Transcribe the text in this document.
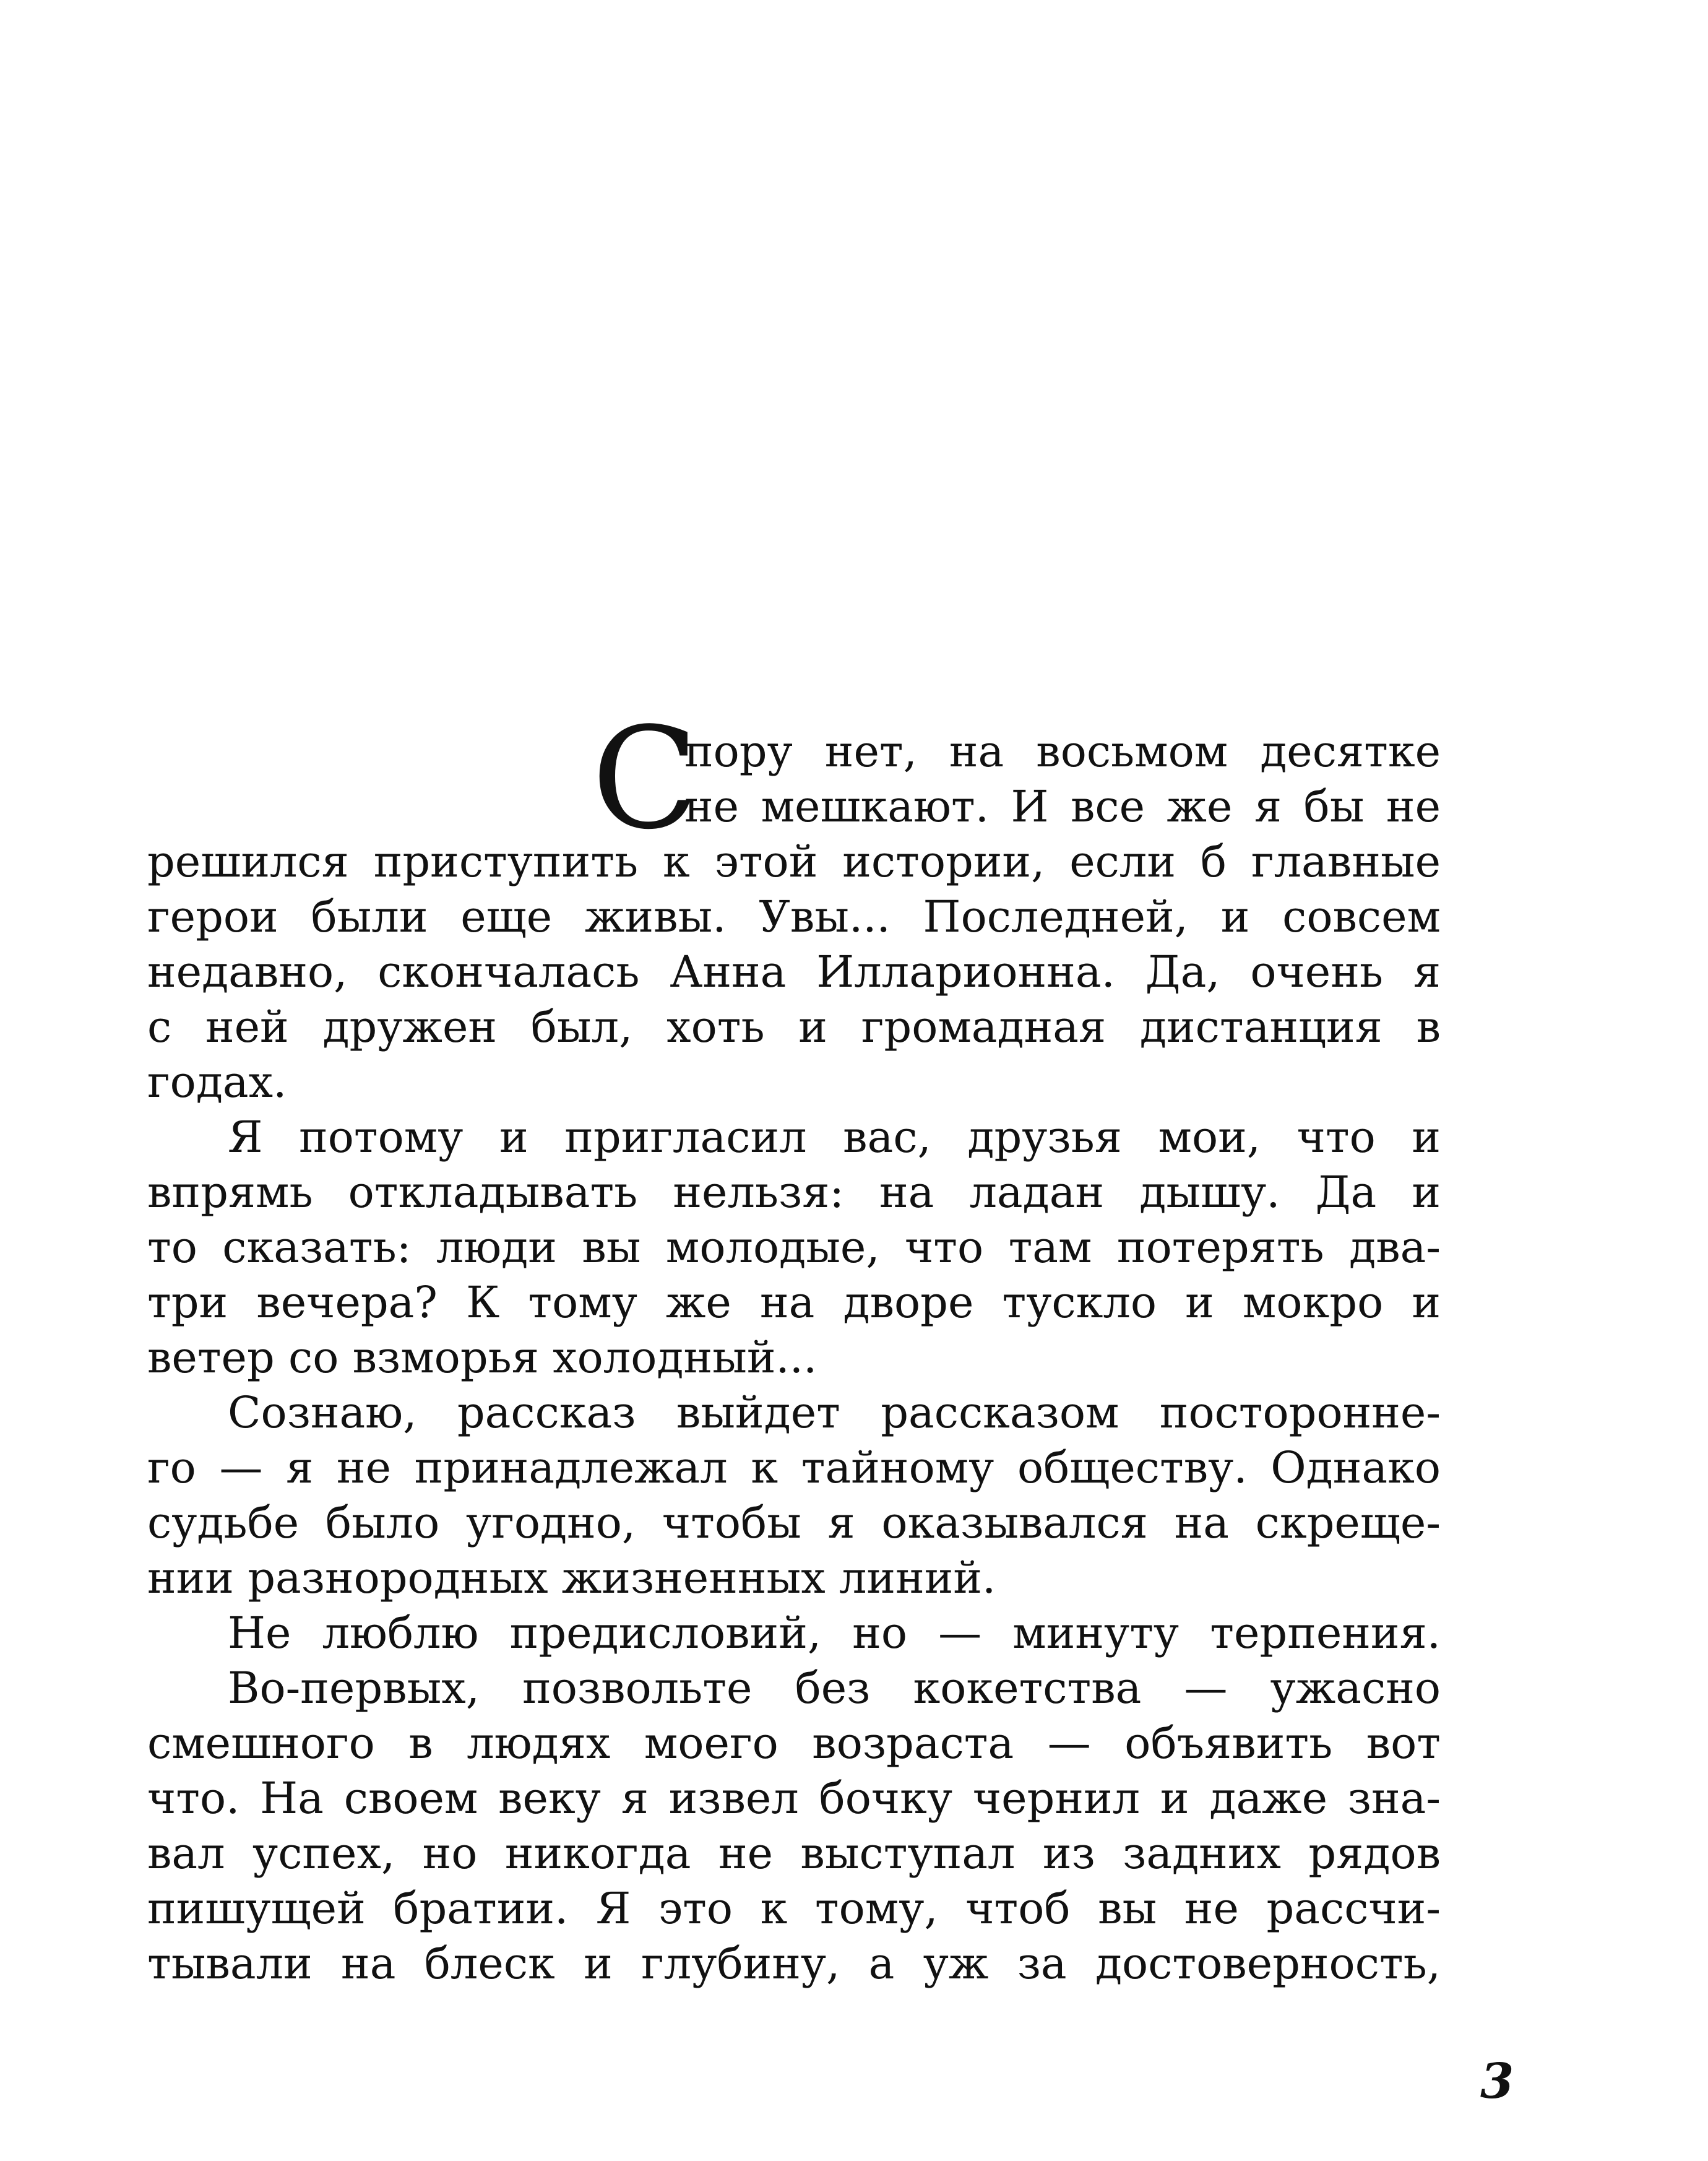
С
пору нет, на восьмом десятке
не мешкают. И все же я бы не
решился приступить к этой истории, если б главные
герои были еще живы. Увы... Последней, и совсем
недавно, скончалась Анна Илларионна. Да, очень я
с ней дружен был, хоть и громадная дистанция в
годах.
Я потому и пригласил вас, друзья мои, что и
впрямь откладывать нельзя: на ладан дышу. Да и
то сказать: люди вы молодые, что там потерять два-
три вечера? К тому же на дворе тускло и мокро и
ветер со взморья холодный...
Сознаю, рассказ выйдет рассказом посторонне-
го — я не принадлежал к тайному обществу. Однако
судьбе было угодно, чтобы я оказывался на скреще-
нии разнородных жизненных линий.
Не люблю предисловий, но — минуту терпения.
Во-первых, позвольте без кокетства — ужасно
смешного в людях моего возраста — объявить вот
что. На своем веку я извел бочку чернил и даже зна-
вал успех, но никогда не выступал из задних рядов
пишущей братии. Я это к тому, чтоб вы не рассчи-
тывали на блеск и глубину, а уж за достоверность,
3
